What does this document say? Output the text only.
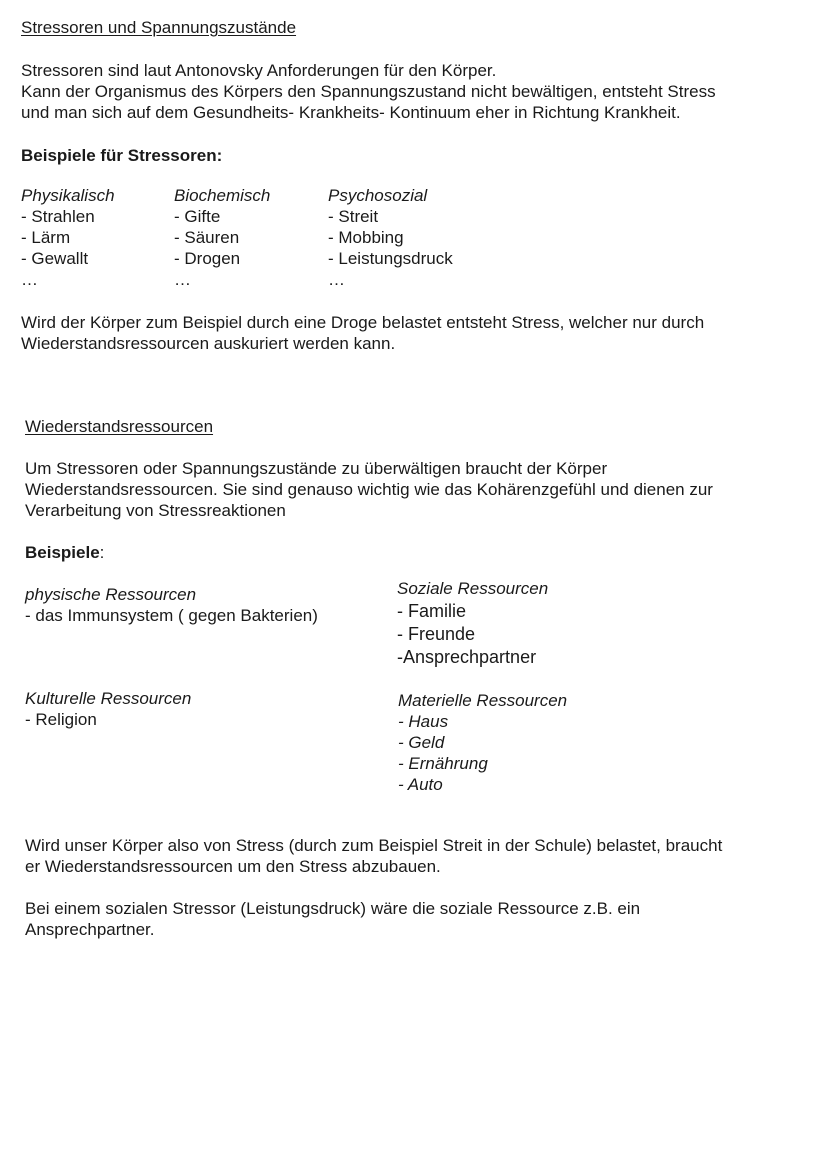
Stressoren und Spannungszustände

Stressoren sind laut Antonovsky Anforderungen für den Körper.

Kann der Organismus des Körpers den Spannungszustand nicht bewältigen, entsteht Stress

und man sich auf dem Gesundheits- Krankheits- Kontinuum eher in Richtung Krankheit.

Beispiele für Stressoren:
Physikalisch
- Strahlen
- Lärm
- Gewallt
…
Biochemisch
- Gifte
- Säuren
- Drogen
…
Psychosozial
- Streit
- Mobbing
- Leistungsdruck
…

Wird der Körper zum Beispiel durch eine Droge belastet entsteht Stress, welcher nur durch

Wiederstandsressourcen auskuriert werden kann.

Wiederstandsressourcen

Um Stressoren oder Spannungszustände zu überwältigen braucht der Körper

Wiederstandsressourcen. Sie sind genauso wichtig wie das Kohärenzgefühl und dienen zur

Verarbeitung von Stressreaktionen

Beispiele:
physische Ressourcen
- das Immunsystem ( gegen Bakterien)
Soziale Ressourcen
- Familie
- Freunde
-Ansprechpartner
Kulturelle Ressourcen
- Religion
Materielle Ressourcen
- Haus
- Geld
- Ernährung
- Auto

Wird unser Körper also von Stress (durch zum Beispiel Streit in der Schule) belastet, braucht

er Wiederstandsressourcen um den Stress abzubauen.

Bei einem sozialen Stressor (Leistungsdruck) wäre die soziale Ressource z.B. ein

Ansprechpartner.
